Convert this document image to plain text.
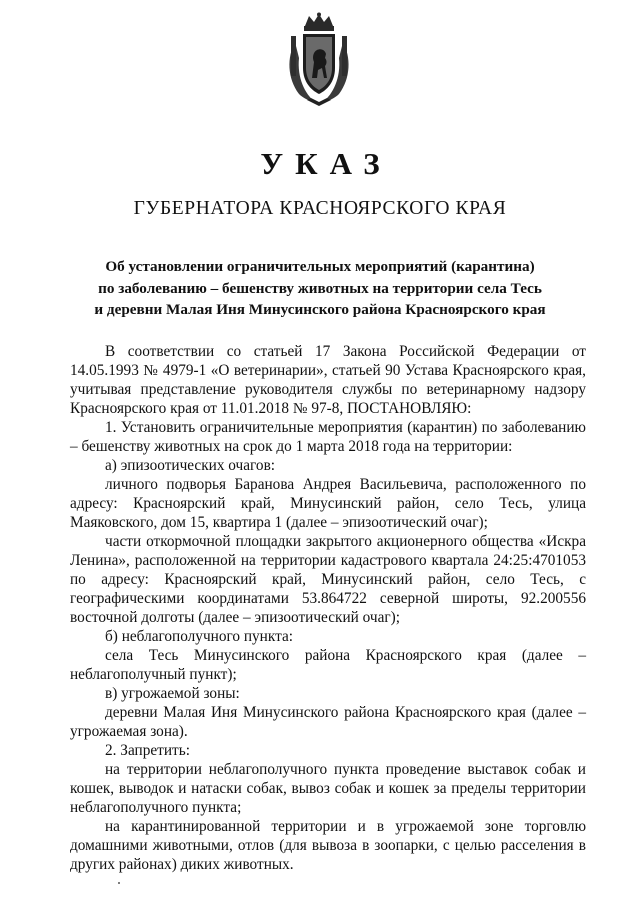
УКАЗ
ГУБЕРНАТОРА КРАСНОЯРСКОГО КРАЯ
Об установлении ограничительных мероприятий (карантина)
по заболеванию – бешенству животных на территории села Тесь
и деревни Малая Иня Минусинского района Красноярского края

В соответствии со статьей 17 Закона Российской Федерации от 14.05.1993 № 4979-1 «О ветеринарии», статьей 90 Устава Красноярского края, учитывая представление руководителя службы по ветеринарному надзору Красноярского края от 11.01.2018 № 97-8, ПОСТАНОВЛЯЮ:

1. Установить ограничительные мероприятия (карантин) по заболеванию – бешенству животных на срок до 1 марта 2018 года на территории:

а) эпизоотических очагов:

личного подворья Баранова Андрея Васильевича, расположенного по адресу: Красноярский край, Минусинский район, село Тесь, улица Маяковского, дом 15, квартира 1 (далее – эпизоотический очаг);

части откормочной площадки закрытого акционерного общества «Искра Ленина», расположенной на территории кадастрового квартала 24:25:4701053 по адресу: Красноярский край, Минусинский район, село Тесь, с географическими координатами 53.864722 северной широты, 92.200556 восточной долготы (далее – эпизоотический очаг);

б) неблагополучного пункта:

села Тесь Минусинского района Красноярского края (далее – неблагополучный пункт);

в) угрожаемой зоны:

деревни Малая Иня Минусинского района Красноярского края (далее – угрожаемая зона).

2. Запретить:

на территории неблагополучного пункта проведение выставок собак и кошек, выводок и натаски собак, вывоз собак и кошек за пределы территории неблагополучного пункта;

на карантинированной территории и в угрожаемой зоне торговлю домашними животными, отлов (для вывоза в зоопарки, с целью расселения в других районах) диких животных.
